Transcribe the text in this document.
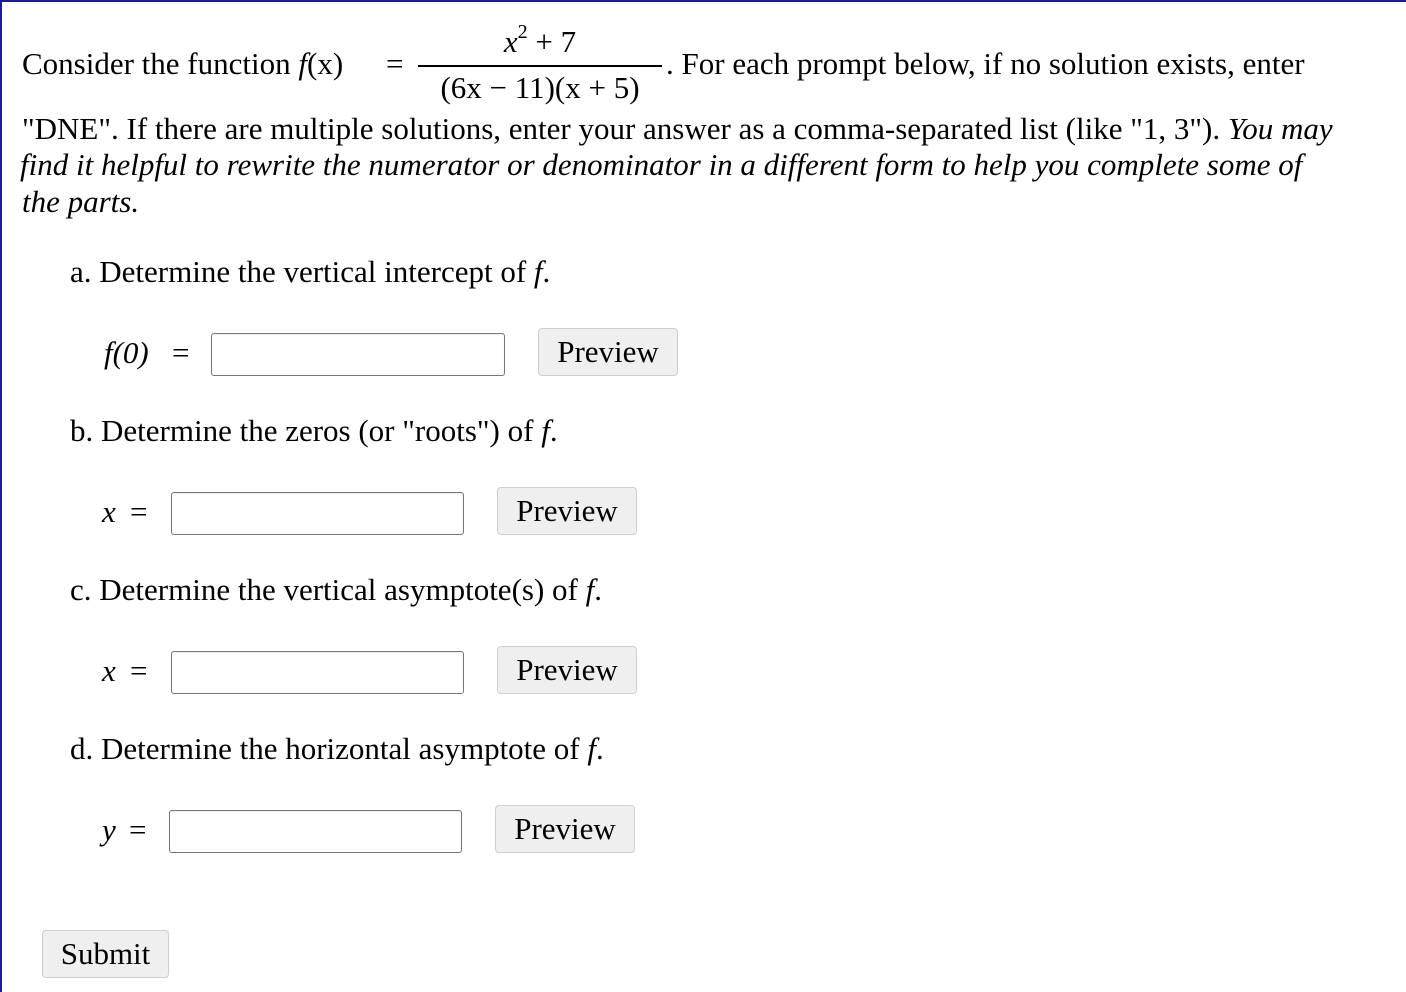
Consider the function f(x) =
$x^2 + 7$
(6x − 11)(x + 5)
. For each prompt below, if no solution exists, enter
"DNE". If there are multiple solutions, enter your answer as a comma-separated list (like "1, 3"). You may
find it helpful to rewrite the numerator or denominator in a different form to help you complete some of
the parts.
a. Determine the vertical intercept of f.
f(0) =	Preview
b. Determine the zeros (or "roots") of f.
x =	Preview
c. Determine the vertical asymptote(s) of f.
x =	Preview
d. Determine the horizontal asymptote of f.
y =	Preview
Submit
